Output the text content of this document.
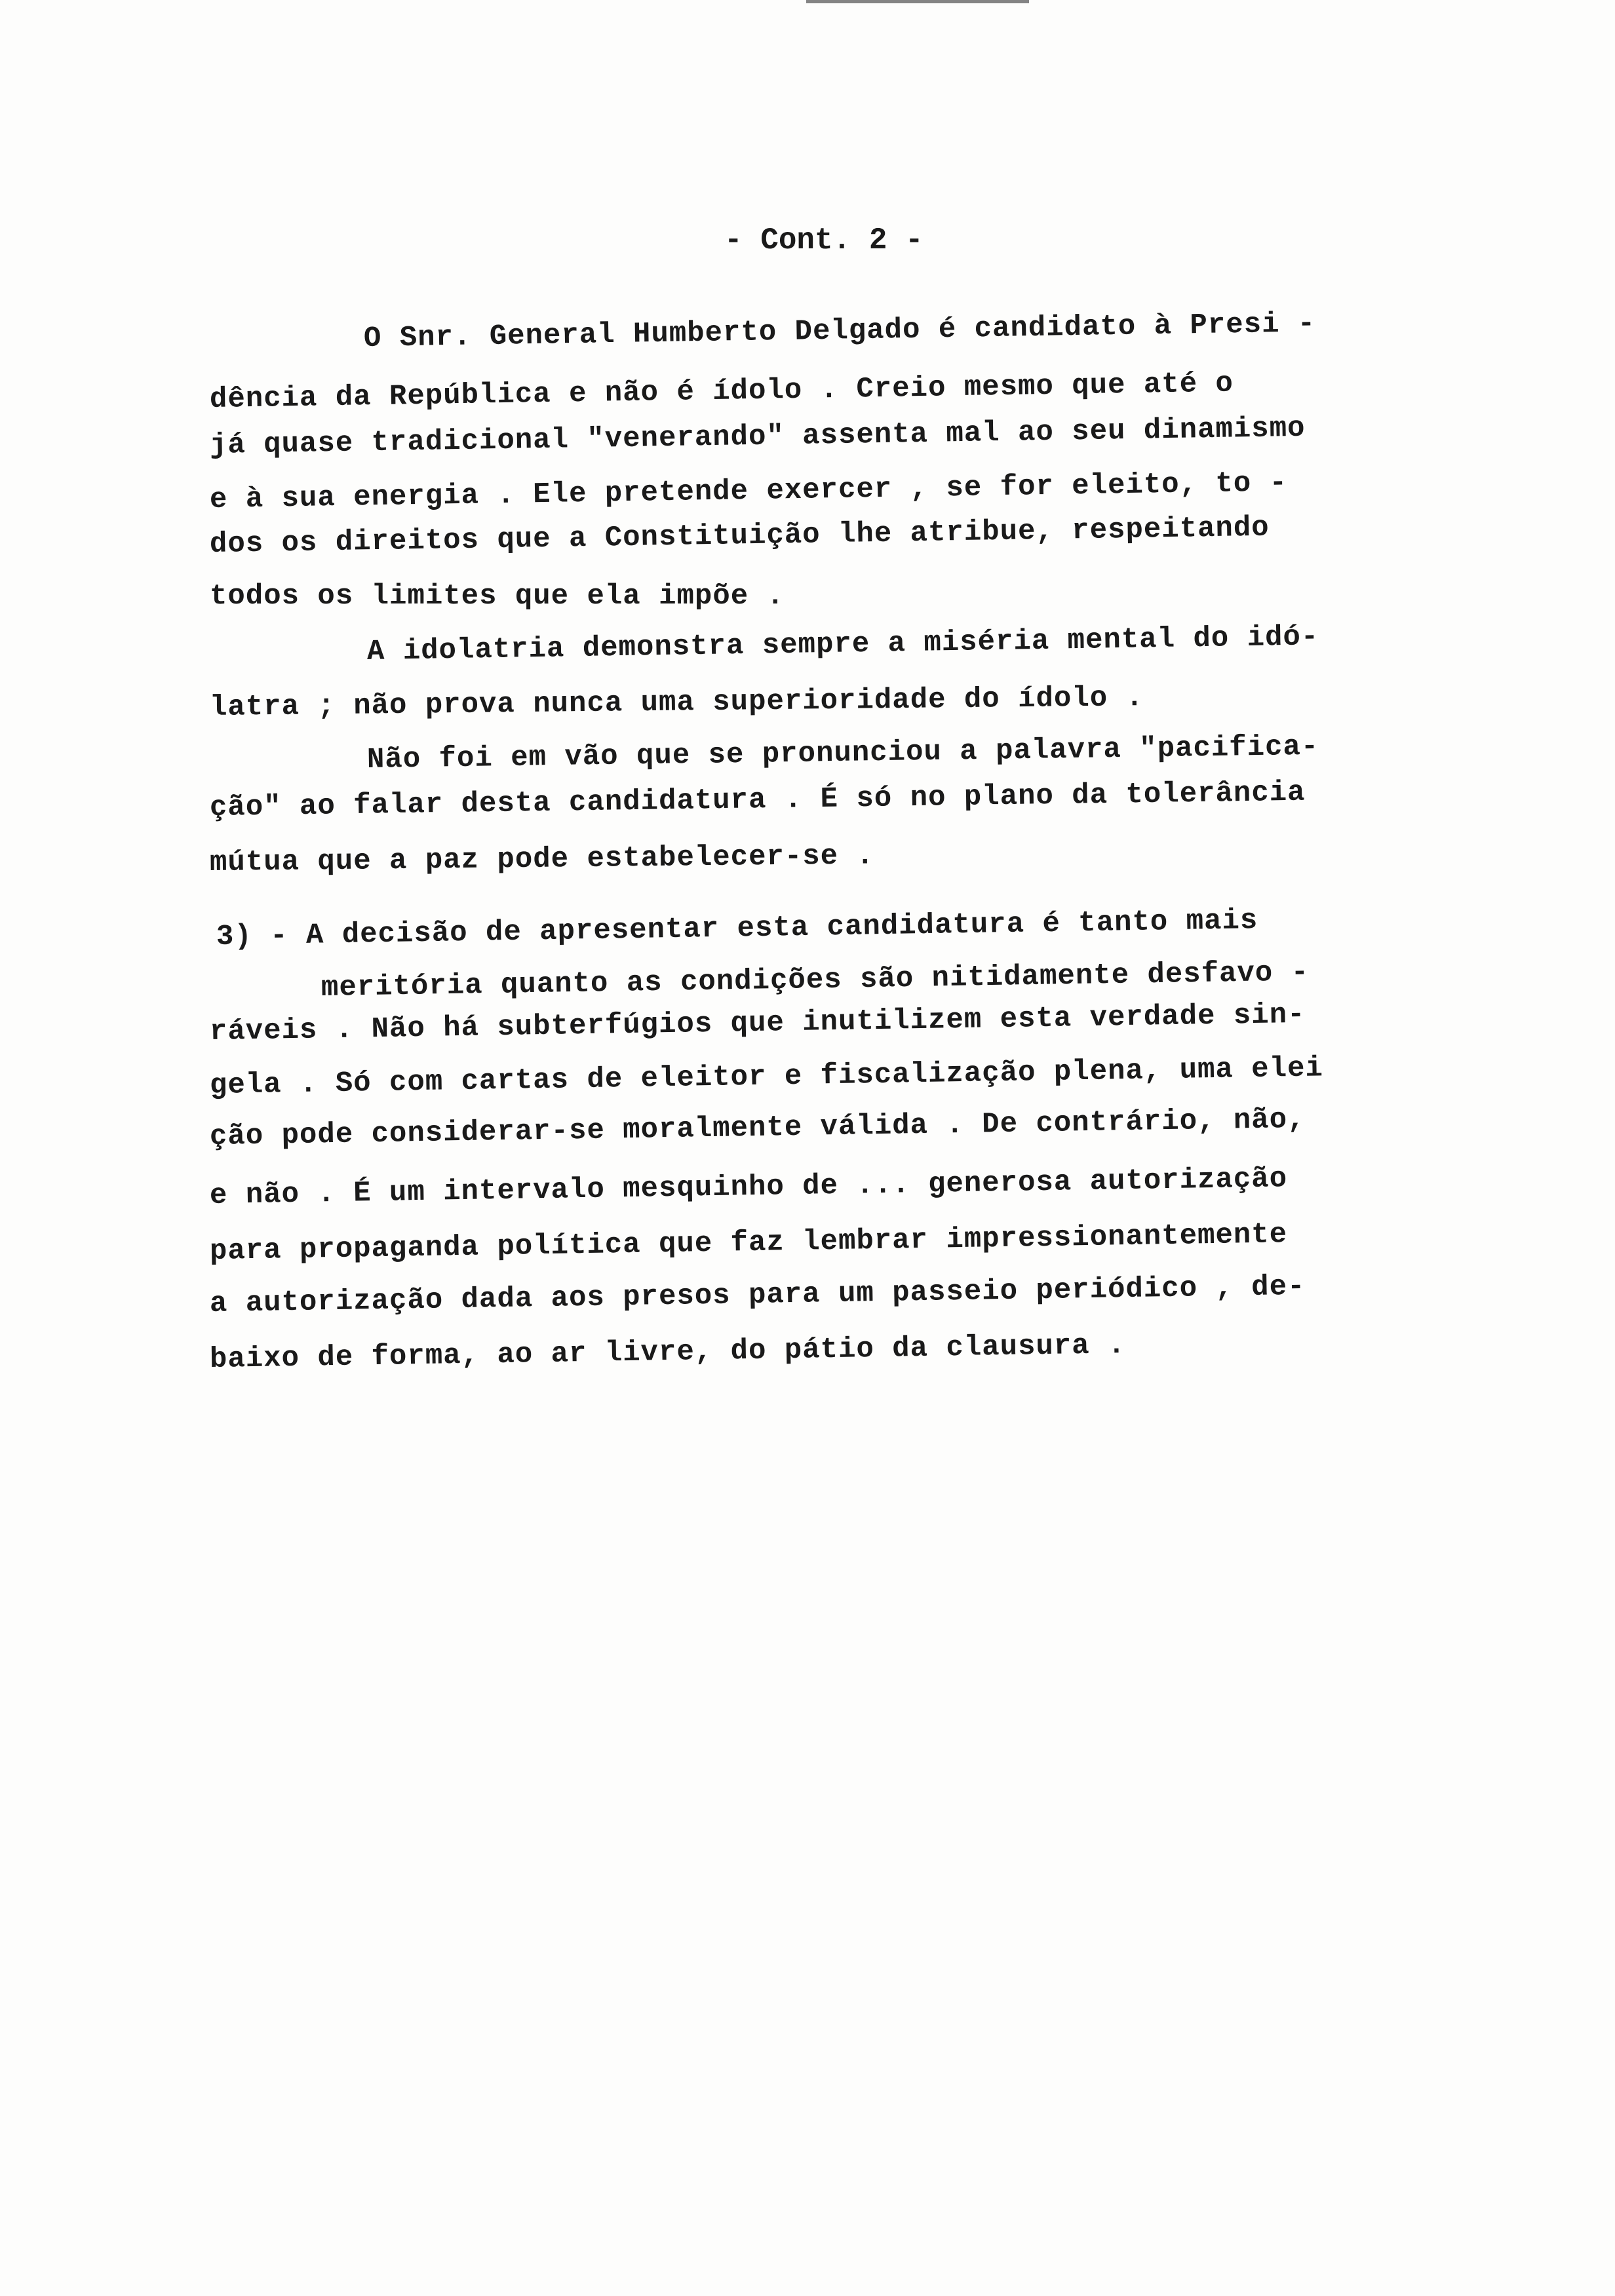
- Cont. 2 -
O Snr. General Humberto Delgado é candidato à Presi -
dência da República e não é ídolo . Creio mesmo que até o
já quase tradicional "venerando" assenta mal ao seu dinamismo
e à sua energia . Ele pretende exercer , se for eleito, to -
dos os direitos que a Constituição lhe atribue, respeitando
todos os limites que ela impõe .
A idolatria demonstra sempre a miséria mental do idó-
latra ; não prova nunca uma superioridade do ídolo .
Não foi em vão que se pronunciou a palavra "pacifica-
ção" ao falar desta candidatura . É só no plano da tolerância
mútua que a paz pode estabelecer-se .
3) - A decisão de apresentar esta candidatura é tanto mais
meritória quanto as condições são nitidamente desfavo -
ráveis . Não há subterfúgios que inutilizem esta verdade sin-
gela . Só com cartas de eleitor e fiscalização plena, uma elei
ção pode considerar-se moralmente válida . De contrário, não,
e não . É um intervalo mesquinho de ... generosa autorização
para propaganda política que faz lembrar impressionantemente
a autorização dada aos presos para um passeio periódico , de-
baixo de forma, ao ar livre, do pátio da clausura .
